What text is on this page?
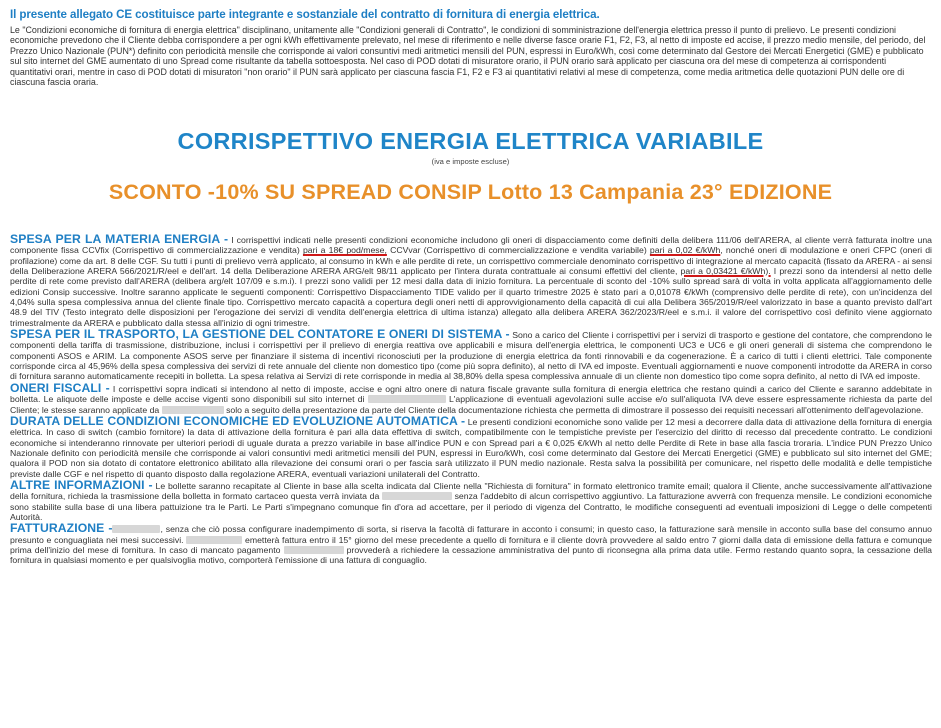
Il presente allegato CE costituisce parte integrante e sostanziale del contratto di fornitura di energia elettrica.
Le "Condizioni economiche di fornitura di energia elettrica" disciplinano, unitamente alle "Condizioni generali di Contratto", le condizioni di somministrazione dell'energia elettrica presso il punto di prelievo. Le presenti condizioni economiche prevedono che il Cliente debba corrispondere a per ogni kWh effettivamente prelevato, nel mese di riferimento e nelle diverse fasce orarie F1, F2, F3, al netto di imposte ed accise, il prezzo medio mensile, del periodo, del Prezzo Unico Nazionale (PUN*) definito con periodicità mensile che corrisponde ai valori consuntivi medi aritmetici mensili del PUN, espressi in Euro/kWh, così come determinato dal Gestore dei Mercati Energetici (GME) e pubblicato sul sito internet del GME aumentato di uno Spread come risultante da tabella sottoesposta. Nel caso di POD dotati di misuratore orario, il PUN orario sarà applicato per ciascuna ora del mese di competenza ai corrispondenti quantitativi orari, mentre in caso di POD dotati di misuratori "non orario" il PUN sarà applicato per ciascuna fascia F1, F2 e F3 ai quantitativi relativi al mese di competenza, come media aritmetica delle quotazioni PUN delle ore di ciascuna fascia oraria.
CORRISPETTIVO ENERGIA ELETTRICA VARIABILE
(iva e imposte escluse)
SCONTO -10% SU SPREAD CONSIP Lotto 13 Campania 23° EDIZIONE
SPESA PER LA MATERIA ENERGIA - I corrispettivi indicati nelle presenti condizioni economiche includono gli oneri di dispacciamento come definiti della delibera 111/06 dell'ARERA, al cliente verrà fatturata inoltre una componente fissa CCVfix (Corrispettivo di commercializzazione e vendita) pari a 18€ pod/mese, CCVvar (Corrispettivo di commercializzazione e vendita variabile) pari a 0,02 €/kWh, nonché oneri di modulazione e oneri CFPC (oneri di profilazione) come da art. 8 delle CGF. Su tutti i punti di prelievo verrà applicato, al consumo in kWh e alle perdite di rete, un corrispettivo commerciale denominato corrispettivo di integrazione al mercato capacità (fissato da ARERA - ai sensi della Deliberazione ARERA 566/2021/R/eel e dell'art. 14 della Deliberazione ARERA ARG/elt 98/11 applicato per l'intera durata contrattuale ai consumi effettivi del cliente, pari a 0,03421 €/kWh). I prezzi sono da intendersi al netto delle perdite di rete come previsto dall'ARERA (delibera arg/elt 107/09 e s.m.i). I prezzi sono validi per 12 mesi dalla data di inizio fornitura. La percentuale di sconto del -10% sullo spread sarà di volta in volta applicata all'aggiornamento delle edizioni Consip successive. Inoltre saranno applicate le seguenti componenti: Corrispettivo Dispacciamento TIDE valido per il quarto trimestre 2025 è stato pari a 0,01078 €/kWh (comprensivo delle perdite di rete), con un'incidenza del 4,04% sulla spesa complessiva annua del cliente finale tipo. Corrispettivo mercato capacità a copertura degli oneri netti di approvvigionamento della capacità di cui alla Delibera 365/2019/R/eel valorizzato in base a quanto previsto dall'art 48.9 del TIV (Testo integrato delle disposizioni per l'erogazione dei servizi di vendita dell'energia elettrica di ultima istanza) allegato alla delibera ARERA 362/2023/R/eel e s.m.i. il valore del corrispettivo così definito viene aggiornato trimestralmente da ARERA e pubblicato dalla stessa all'inizio di ogni trimestre.
SPESA PER IL TRASPORTO, LA GESTIONE DEL CONTATORE E ONERI DI SISTEMA - Sono a carico del Cliente i corrispettivi per i servizi di trasporto e gestione del contatore, che comprendono le componenti della tariffa di trasmissione, distribuzione, inclusi i corrispettivi per il prelievo di energia reattiva ove applicabili e misura dell'energia elettrica, le componenti UC3 e UC6 e gli oneri generali di sistema che comprendono le componenti ASOS e ARIM. La componente ASOS serve per finanziare il sistema di incentivi riconosciuti per la produzione di energia elettrica da fonti rinnovabili e da cogenerazione. È a carico di tutti i clienti elettrici. Tale componente corrisponde circa al 45,96% della spesa complessiva dei servizi di rete annuale del cliente non domestico tipo (come più sopra definito), al netto di IVA ed imposte. Eventuali aggiornamenti e nuove componenti introdotte da ARERA in corso di fornitura saranno automaticamente recepiti in bolletta. La spesa relativa ai Servizi di rete corrisponde in media al 38,80% della spesa complessiva annuale di un cliente non domestico tipo come sopra definito, al netto di IVA ed imposte.
ONERI FISCALI - I corrispettivi sopra indicati si intendono al netto di imposte, accise e ogni altro onere di natura fiscale gravante sulla fornitura di energia elettrica che restano quindi a carico del Cliente e saranno addebitate in bolletta. Le aliquote delle imposte e delle accise vigenti sono disponibili sul sito internet di	L'applicazione di eventuali agevolazioni sulle accise e/o sull'aliquota IVA deve essere espressamente richiesta da parte del Cliente; le stesse saranno applicate da	solo a seguito della presentazione da parte del Cliente della documentazione richiesta che permetta di dimostrare il possesso dei requisiti necessari all'ottenimento dell'agevolazione.
DURATA DELLE CONDIZIONI ECONOMICHE ED EVOLUZIONE AUTOMATICA - Le presenti condizioni economiche sono valide per 12 mesi a decorrere dalla data di attivazione della fornitura di energia elettrica. In caso di switch (cambio fornitore) la data di attivazione della fornitura è pari alla data effettiva di switch, compatibilmente con le tempistiche previste per l'esercizio del diritto di recesso dal precedente contratto. Le condizioni economiche si intenderanno rinnovate per ulteriori periodi di uguale durata a prezzo variabile in base all'indice PUN e con Spread pari a € 0,025 €/kWh al netto delle Perdite di Rete in base alla fascia troraria. L'indice PUN Prezzo Unico Nazionale definito con periodicità mensile che corrisponde ai valori consuntivi medi aritmetici mensili del PUN, espressi in Euro/kWh, così come determinato dal Gestore dei Mercati Energetici (GME) e pubblicato sul sito internet del GME; qualora il POD non sia dotato di contatore elettronico abilitato alla rilevazione dei consumi orari o per fascia sarà utilizzato il PUN medio nazionale. Resta salva la possibilità per comunicare, nel rispetto delle modalità e delle tempistiche previste dalle CGF e nel rispetto di quanto disposto dalla regolazione ARERA, eventuali variazioni unilaterali del Contratto.
ALTRE INFORMAZIONI - Le bollette saranno recapitate al Cliente in base alla scelta indicata dal Cliente nella "Richiesta di fornitura" in formato elettronico tramite email; qualora il Cliente, anche successivamente all'attivazione della fornitura, richieda la trasmissione della bolletta in formato cartaceo questa verrà inviata da	senza l'addebito di alcun corrispettivo aggiuntivo. La fatturazione avverrà con frequenza mensile. Le condizioni economiche sono stabilite sulla base di una libera pattuizione tra le Parti. Le Parti s'impegnano comunque fin d'ora ad accettare, per il periodo di vigenza del Contratto, le modifiche conseguenti ad eventuali imposizioni di Legge o delle competenti Autorità.
FATTURAZIONE -	, senza che ciò possa configurare inadempimento di sorta, si riserva la facoltà di fatturare in acconto i consumi; in questo caso, la fatturazione sarà mensile in acconto sulla base del consumo annuo presunto e conguagliata nei mesi successivi.	emetterà fattura entro il 15° giorno del mese precedente a quello di fornitura e il cliente dovrà provvedere al saldo entro 7 giorni dalla data di emissione della fattura e comunque prima dell'inizio del mese di fornitura. In caso di mancato pagamento	provvederà a richiedere la cessazione amministrativa del punto di riconsegna alla prima data utile. Fermo restando quanto sopra, la cessazione della fornitura in qualsiasi momento e per qualsivoglia motivo, comporterà l'emissione di una fattura di conguaglio.
